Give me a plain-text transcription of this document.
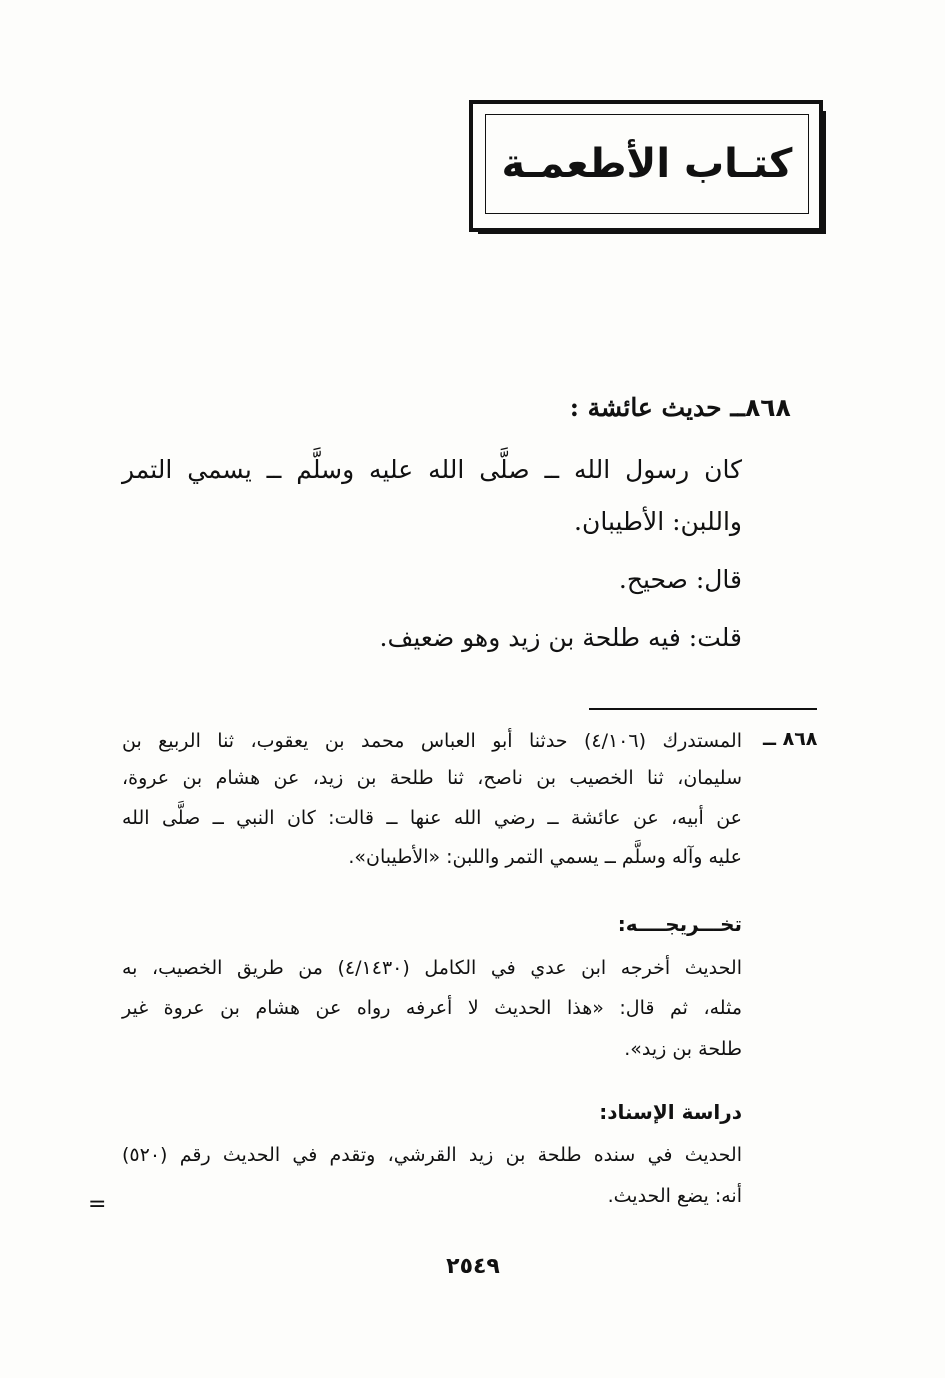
كتـاب الأطعمـة
٨٦٨
ــ حديث عائشة :
كان رسول الله ــ صلَّى الله عليه وسلَّم ــ يسمي التمر
واللبن: الأطيبان.
قال: صحيح.
قلت: فيه طلحة بن زيد وهو ضعيف.
٨٦٨ ــ
المستدرك (٤/١٠٦) حدثنا أبو العباس محمد بن يعقوب، ثنا الربيع بن
سليمان، ثنا الخصيب بن ناصح، ثنا طلحة بن زيد، عن هشام بن عروة،
عن أبيه، عن عائشة ــ رضي الله عنها ــ قالت: كان النبي ــ صلَّى الله
عليه وآله وسلَّم ــ يسمي التمر واللبن: «الأطيبان».
تخـــريجــــه:
الحديث أخرجه ابن عدي في الكامل (٤/١٤٣٠) من طريق الخصيب، به
مثله، ثم قال: «هذا الحديث لا أعرفه رواه عن هشام بن عروة غير
طلحة بن زيد».
دراسة الإسناد:
الحديث في سنده طلحة بن زيد القرشي، وتقدم في الحديث رقم (٥٢٠)
أنه: يضع الحديث.
=
٢٥٤٩
